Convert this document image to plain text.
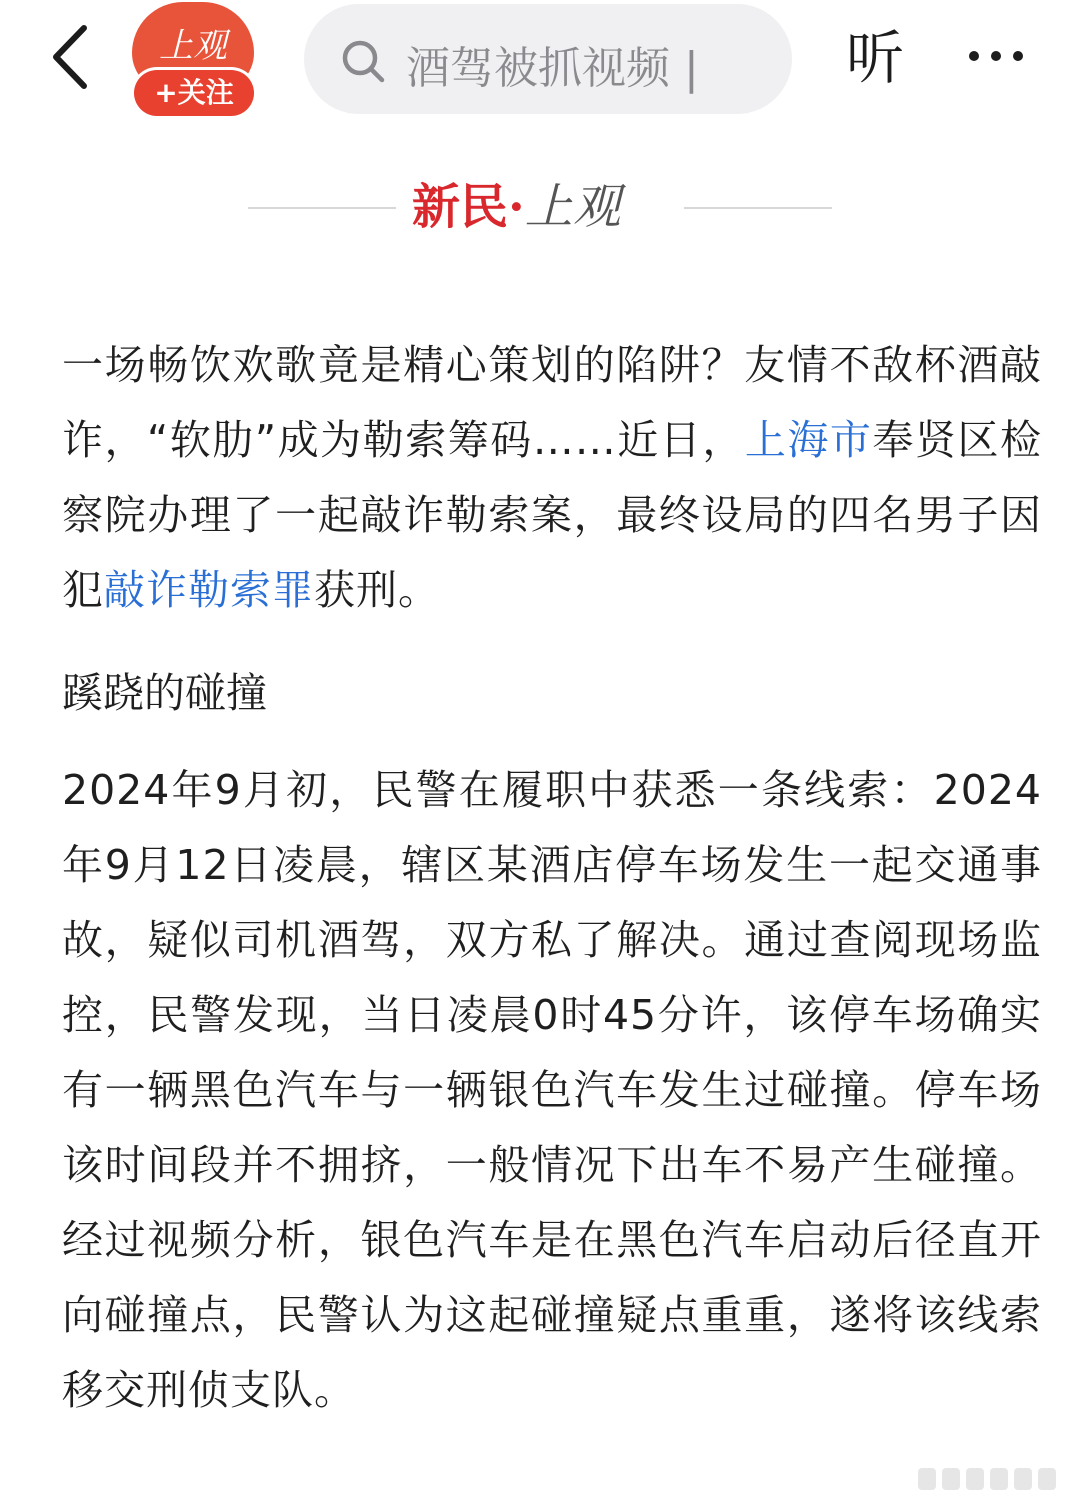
上观
+关注	酒驾被抓视频 |	听
新民·上观

一场畅饮欢歌竟是精心策划的陷阱？友情不敌杯酒敲诈，“软肋”成为勒索筹码……近日，上海市奉贤区检察院办理了一起敲诈勒索案，最终设局的四名男子因犯敲诈勒索罪获刑。

蹊跷的碰撞

2024年9月初，民警在履职中获悉一条线索：2024年9月12日凌晨，辖区某酒店停车场发生一起交通事故，疑似司机酒驾，双方私了解决。通过查阅现场监控，民警发现，当日凌晨0时45分许，该停车场确实有一辆黑色汽车与一辆银色汽车发生过碰撞。停车场该时间段并不拥挤，一般情况下出车不易产生碰撞。经过视频分析，银色汽车是在黑色汽车启动后径直开向碰撞点，民警认为这起碰撞疑点重重，遂将该线索移交刑侦支队。
